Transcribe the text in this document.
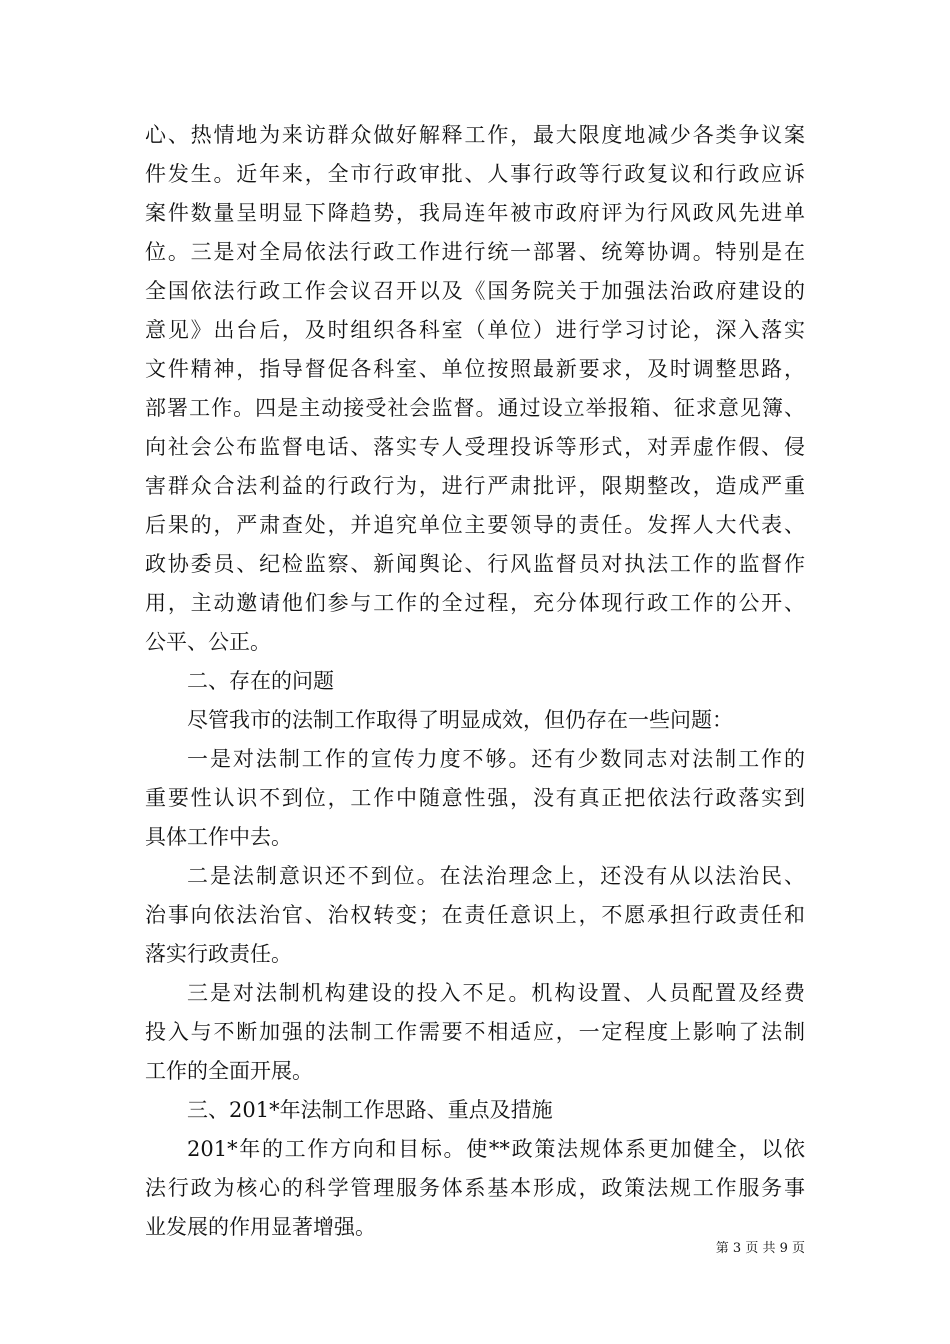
心、热情地为来访群众做好解释工作，最大限度地减少各类争议案
件发生。近年来，全市行政审批、人事行政等行政复议和行政应诉
案件数量呈明显下降趋势，我局连年被市政府评为行风政风先进单
位。三是对全局依法行政工作进行统一部署、统筹协调。特别是在
全国依法行政工作会议召开以及《国务院关于加强法治政府建设的
意见》出台后，及时组织各科室（单位）进行学习讨论，深入落实
文件精神，指导督促各科室、单位按照最新要求，及时调整思路，
部署工作。四是主动接受社会监督。通过设立举报箱、征求意见簿、
向社会公布监督电话、落实专人受理投诉等形式，对弄虚作假、侵
害群众合法利益的行政行为，进行严肃批评，限期整改，造成严重
后果的，严肃查处，并追究单位主要领导的责任。发挥人大代表、
政协委员、纪检监察、新闻舆论、行风监督员对执法工作的监督作
用，主动邀请他们参与工作的全过程，充分体现行政工作的公开、
公平、公正。
二、存在的问题
尽管我市的法制工作取得了明显成效，但仍存在一些问题：
一是对法制工作的宣传力度不够。还有少数同志对法制工作的
重要性认识不到位，工作中随意性强，没有真正把依法行政落实到
具体工作中去。
二是法制意识还不到位。在法治理念上，还没有从以法治民、
治事向依法治官、治权转变；在责任意识上，不愿承担行政责任和
落实行政责任。
三是对法制机构建设的投入不足。机构设置、人员配置及经费
投入与不断加强的法制工作需要不相适应，一定程度上影响了法制
工作的全面开展。
三、201*年法制工作思路、重点及措施
201*年的工作方向和目标。使**政策法规体系更加健全，以依
法行政为核心的科学管理服务体系基本形成，政策法规工作服务事
业发展的作用显著增强。
第 3 页 共 9 页
